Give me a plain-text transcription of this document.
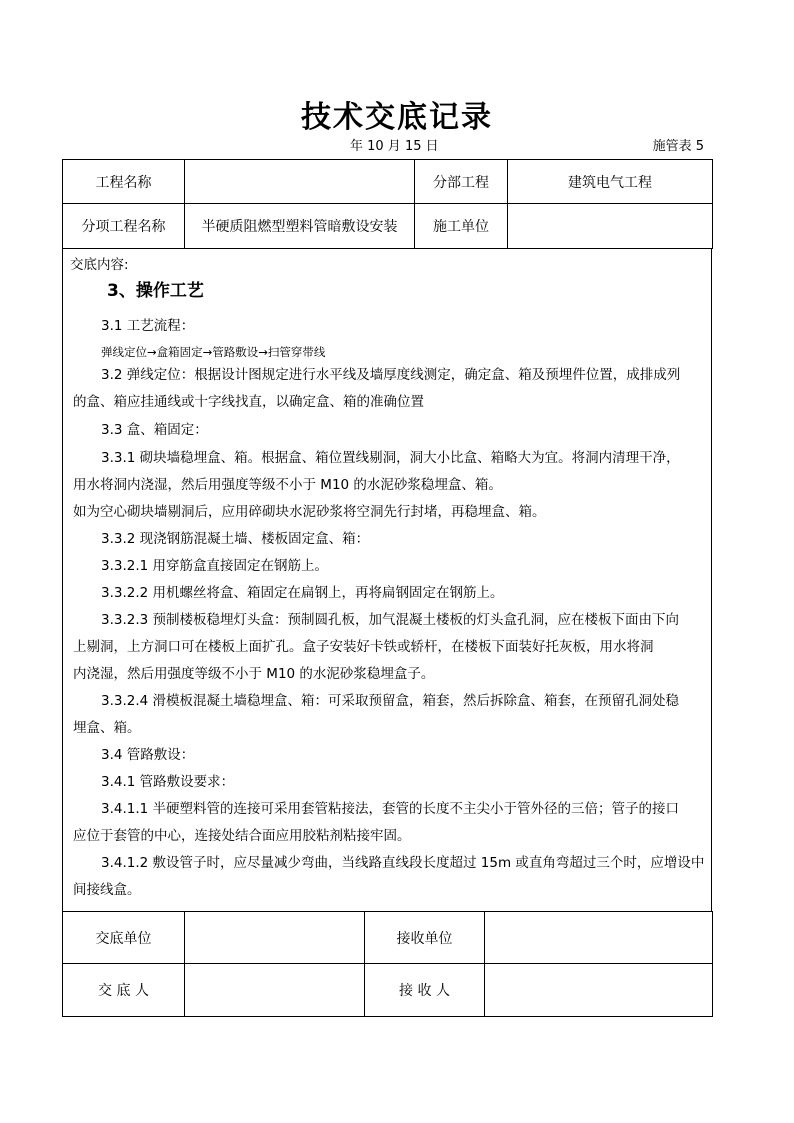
技术交底记录
年 10 月 15 日	施管表 5
工程名称		分部工程	建筑电气工程
分项工程名称	半硬质阻燃型塑料管暗敷设安装	施工单位	

交底内容:

3、操作工艺

3.1 工艺流程：

弹线定位→盒箱固定→管路敷设→扫管穿带线

3.2 弹线定位：根据设计图规定进行水平线及墙厚度线测定，确定盒、箱及预埋件位置，成排成列

的盒、箱应挂通线或十字线找直，以确定盒、箱的准确位置

3.3 盒、箱固定：

3.3.1 砌块墙稳埋盒、箱。根据盒、箱位置线剔洞，洞大小比盒、箱略大为宜。将洞内清理干净，

用水将洞内浇湿，然后用强度等级不小于 M10 的水泥砂浆稳埋盒、箱。

如为空心砌块墙剔洞后，应用碎砌块水泥砂浆将空洞先行封堵，再稳埋盒、箱。

3.3.2 现浇钢筋混凝土墙、楼板固定盒、箱：

3.3.2.1 用穿筋盒直接固定在钢筋上。

3.3.2.2 用机螺丝将盒、箱固定在扁钢上，再将扁钢固定在钢筋上。

3.3.2.3 预制楼板稳埋灯头盒：预制圆孔板，加气混凝土楼板的灯头盒孔洞，应在楼板下面由下向

上剔洞，上方洞口可在楼板上面扩孔。盒子安装好卡铁或轿杆，在楼板下面装好托灰板，用水将洞

内浇湿，然后用强度等级不小于 M10 的水泥砂浆稳埋盒子。

3.3.2.4 滑模板混凝土墙稳埋盒、箱：可采取预留盒，箱套，然后拆除盒、箱套，在预留孔洞处稳

埋盒、箱。

3.4 管路敷设：

3.4.1 管路敷设要求：

3.4.1.1 半硬塑料管的连接可采用套管粘接法，套管的长度不主尖小于管外径的三倍；管子的接口

应位于套管的中心，连接处结合面应用胶粘剂粘接牢固。

3.4.1.2 敷设管子时，应尽量减少弯曲，当线路直线段长度超过 15m 或直角弯超过三个时，应增设中

间接线盒。

交底单位		接收单位	
交 底 人		接 收 人	
